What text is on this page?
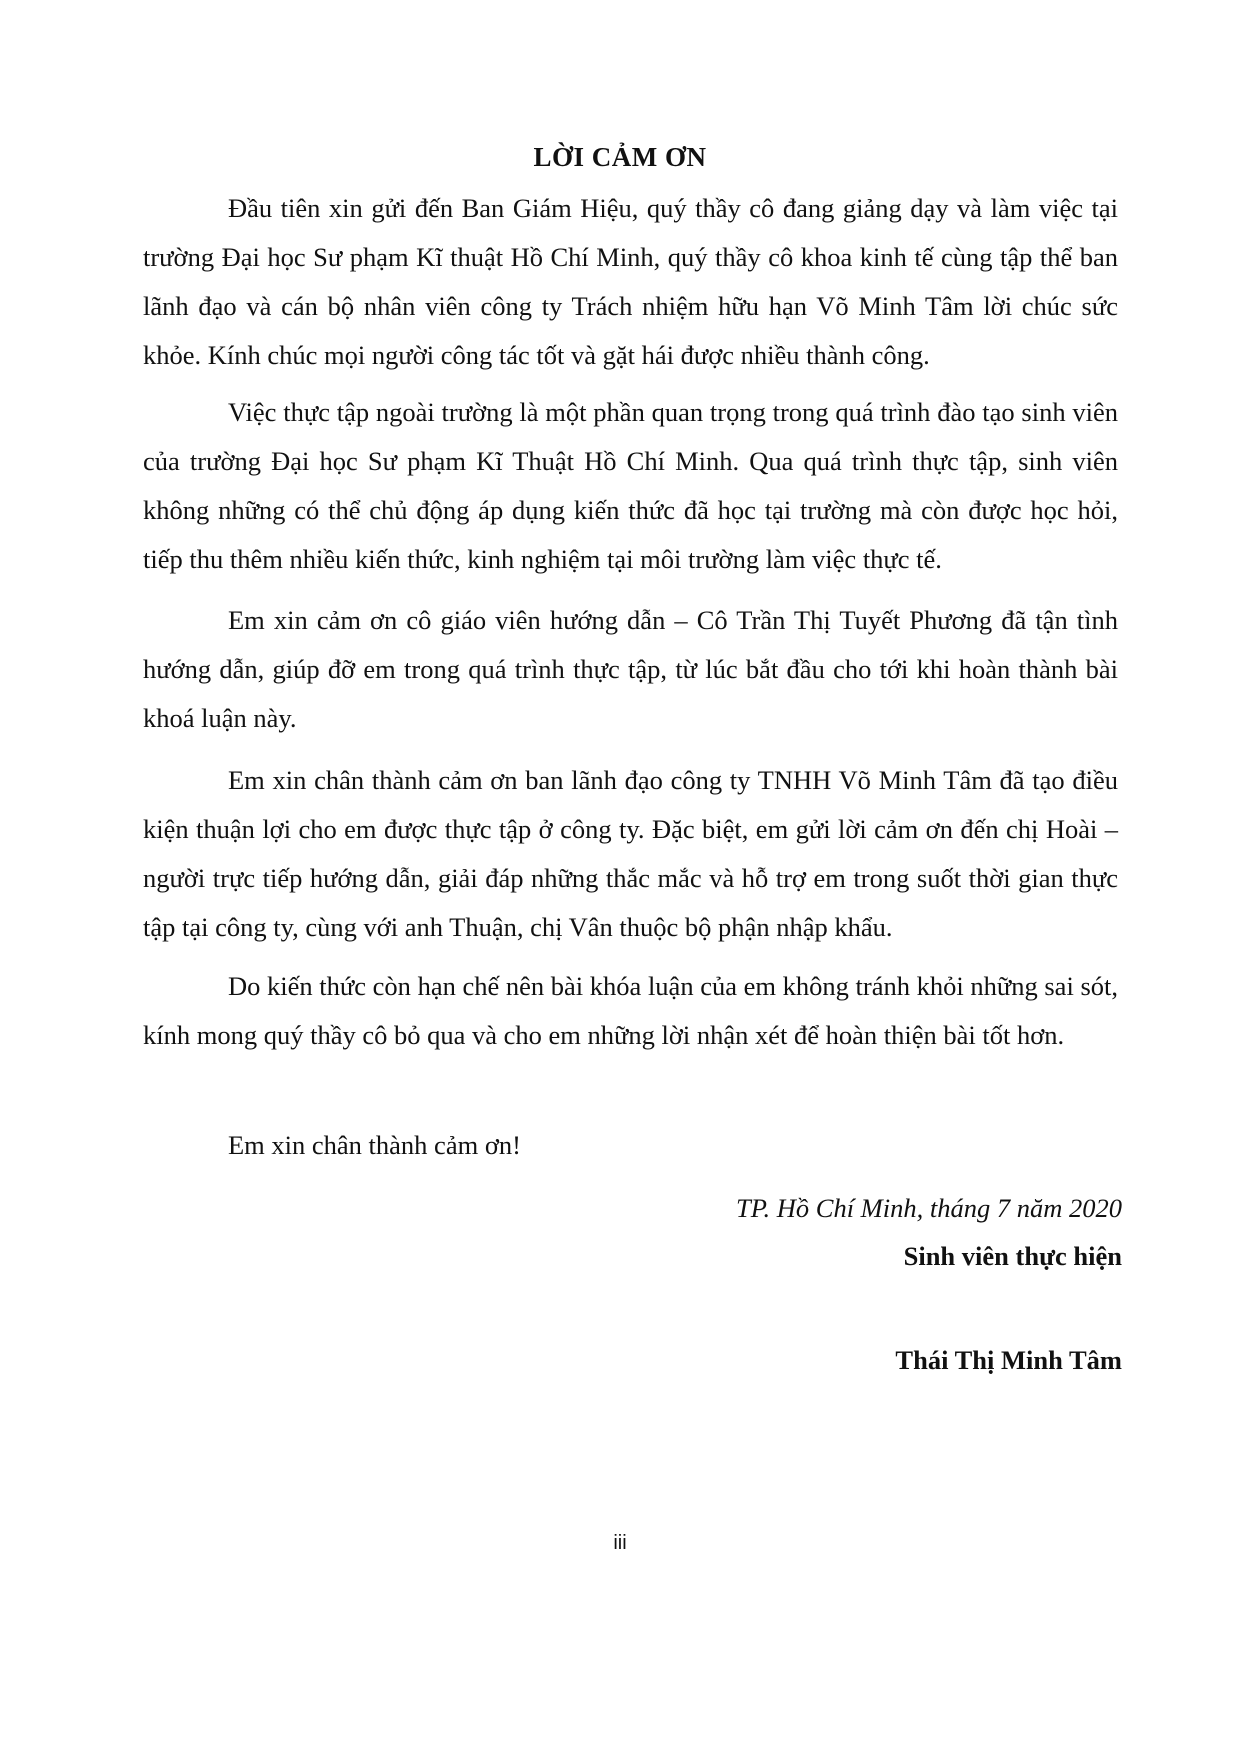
LỜI CẢM ƠN

Đầu tiên xin gửi đến Ban Giám Hiệu, quý thầy cô đang giảng dạy và làm việc tại trường Đại học Sư phạm Kĩ thuật Hồ Chí Minh, quý thầy cô khoa kinh tế cùng tập thể ban lãnh đạo và cán bộ nhân viên công ty Trách nhiệm hữu hạn Võ Minh Tâm lời chúc sức khỏe. Kính chúc mọi người công tác tốt và gặt hái được nhiều thành công.

Việc thực tập ngoài trường là một phần quan trọng trong quá trình đào tạo sinh viên của trường Đại học Sư phạm Kĩ Thuật Hồ Chí Minh. Qua quá trình thực tập, sinh viên không những có thể chủ động áp dụng kiến thức đã học tại trường mà còn được học hỏi, tiếp thu thêm nhiều kiến thức, kinh nghiệm tại môi trường làm việc thực tế.

Em xin cảm ơn cô giáo viên hướng dẫn – Cô Trần Thị Tuyết Phương đã tận tình hướng dẫn, giúp đỡ em trong quá trình thực tập, từ lúc bắt đầu cho tới khi hoàn thành bài khoá luận này.

Em xin chân thành cảm ơn ban lãnh đạo công ty TNHH Võ Minh Tâm đã tạo điều kiện thuận lợi cho em được thực tập ở công ty. Đặc biệt, em gửi lời cảm ơn đến chị Hoài – người trực tiếp hướng dẫn, giải đáp những thắc mắc và hỗ trợ em trong suốt thời gian thực tập tại công ty, cùng với anh Thuận, chị Vân thuộc bộ phận nhập khẩu.

Do kiến thức còn hạn chế nên bài khóa luận của em không tránh khỏi những sai sót, kính mong quý thầy cô bỏ qua và cho em những lời nhận xét để hoàn thiện bài tốt hơn.

Em xin chân thành cảm ơn!

TP. Hồ Chí Minh, tháng 7 năm 2020

Sinh viên thực hiện

Thái Thị Minh Tâm

iii
